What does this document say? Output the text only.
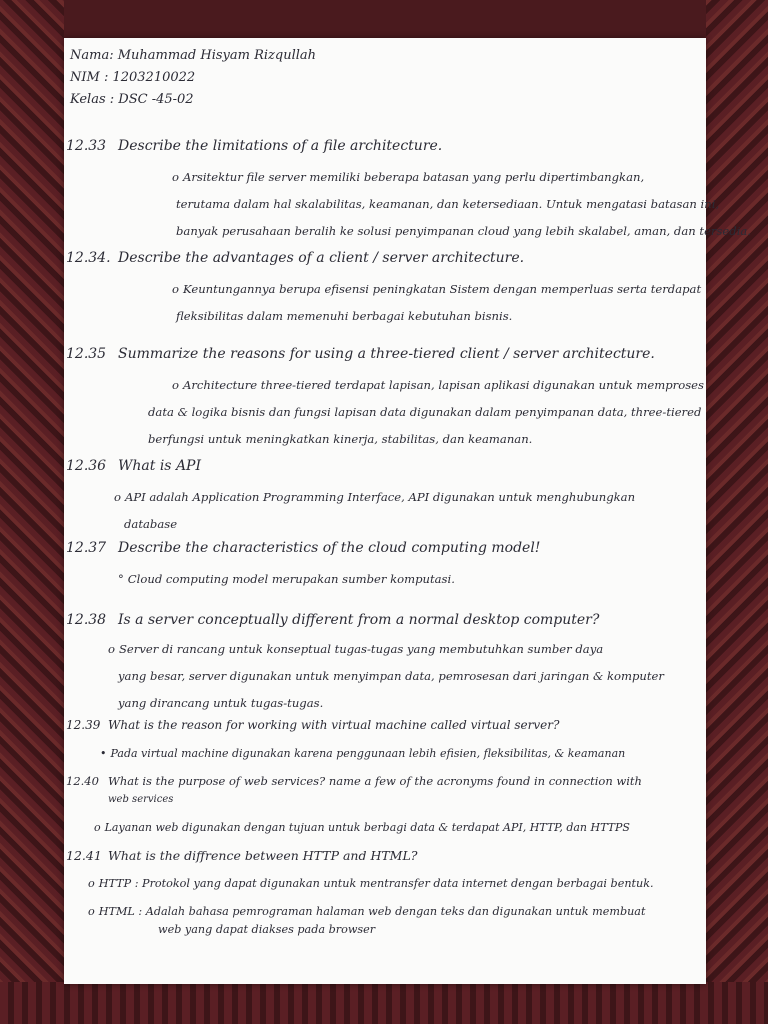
Nama: Muhammad Hisyam Rizqullah
NIM : 1203210022
Kelas : DSC -45-02
12.33 Describe the limitations of a file architecture.
o Arsitektur file server memiliki beberapa batasan yang perlu dipertimbangkan,
terutama dalam hal skalabilitas, keamanan, dan ketersediaan. Untuk mengatasi batasan ini,
banyak perusahaan beralih ke solusi penyimpanan cloud yang lebih skalabel, aman, dan tersedia.
12.34. Describe the advantages of a client / server architecture.
o Keuntungannya berupa efisensi peningkatan Sistem dengan memperluas serta terdapat
fleksibilitas dalam memenuhi berbagai kebutuhan bisnis.
12.35 Summarize the reasons for using a three-tiered client / server architecture.
o Architecture three-tiered terdapat lapisan, lapisan aplikasi digunakan untuk memproses
data & logika bisnis dan fungsi lapisan data digunakan dalam penyimpanan data, three-tiered
berfungsi untuk meningkatkan kinerja, stabilitas, dan keamanan.
12.36 What is API
o API adalah Application Programming Interface, API digunakan untuk menghubungkan
database
12.37 Describe the characteristics of the cloud computing model!
° Cloud computing model merupakan sumber komputasi.
12.38 Is a server conceptually different from a normal desktop computer?
o Server di rancang untuk konseptual tugas-tugas yang membutuhkan sumber daya
yang besar, server digunakan untuk menyimpan data, pemrosesan dari jaringan & komputer
yang dirancang untuk tugas-tugas.
12.39 What is the reason for working with virtual machine called virtual server?
• Pada virtual machine digunakan karena penggunaan lebih efisien, fleksibilitas, & keamanan
12.40 What is the purpose of web services? name a few of the acronyms found in connection with
web services
o Layanan web digunakan dengan tujuan untuk berbagi data & terdapat API, HTTP, dan HTTPS
12.41 What is the diffrence between HTTP and HTML?
o HTTP : Protokol yang dapat digunakan untuk mentransfer data internet dengan berbagai bentuk.
o HTML : Adalah bahasa pemrograman halaman web dengan teks dan digunakan untuk membuat
web yang dapat diakses pada browser
